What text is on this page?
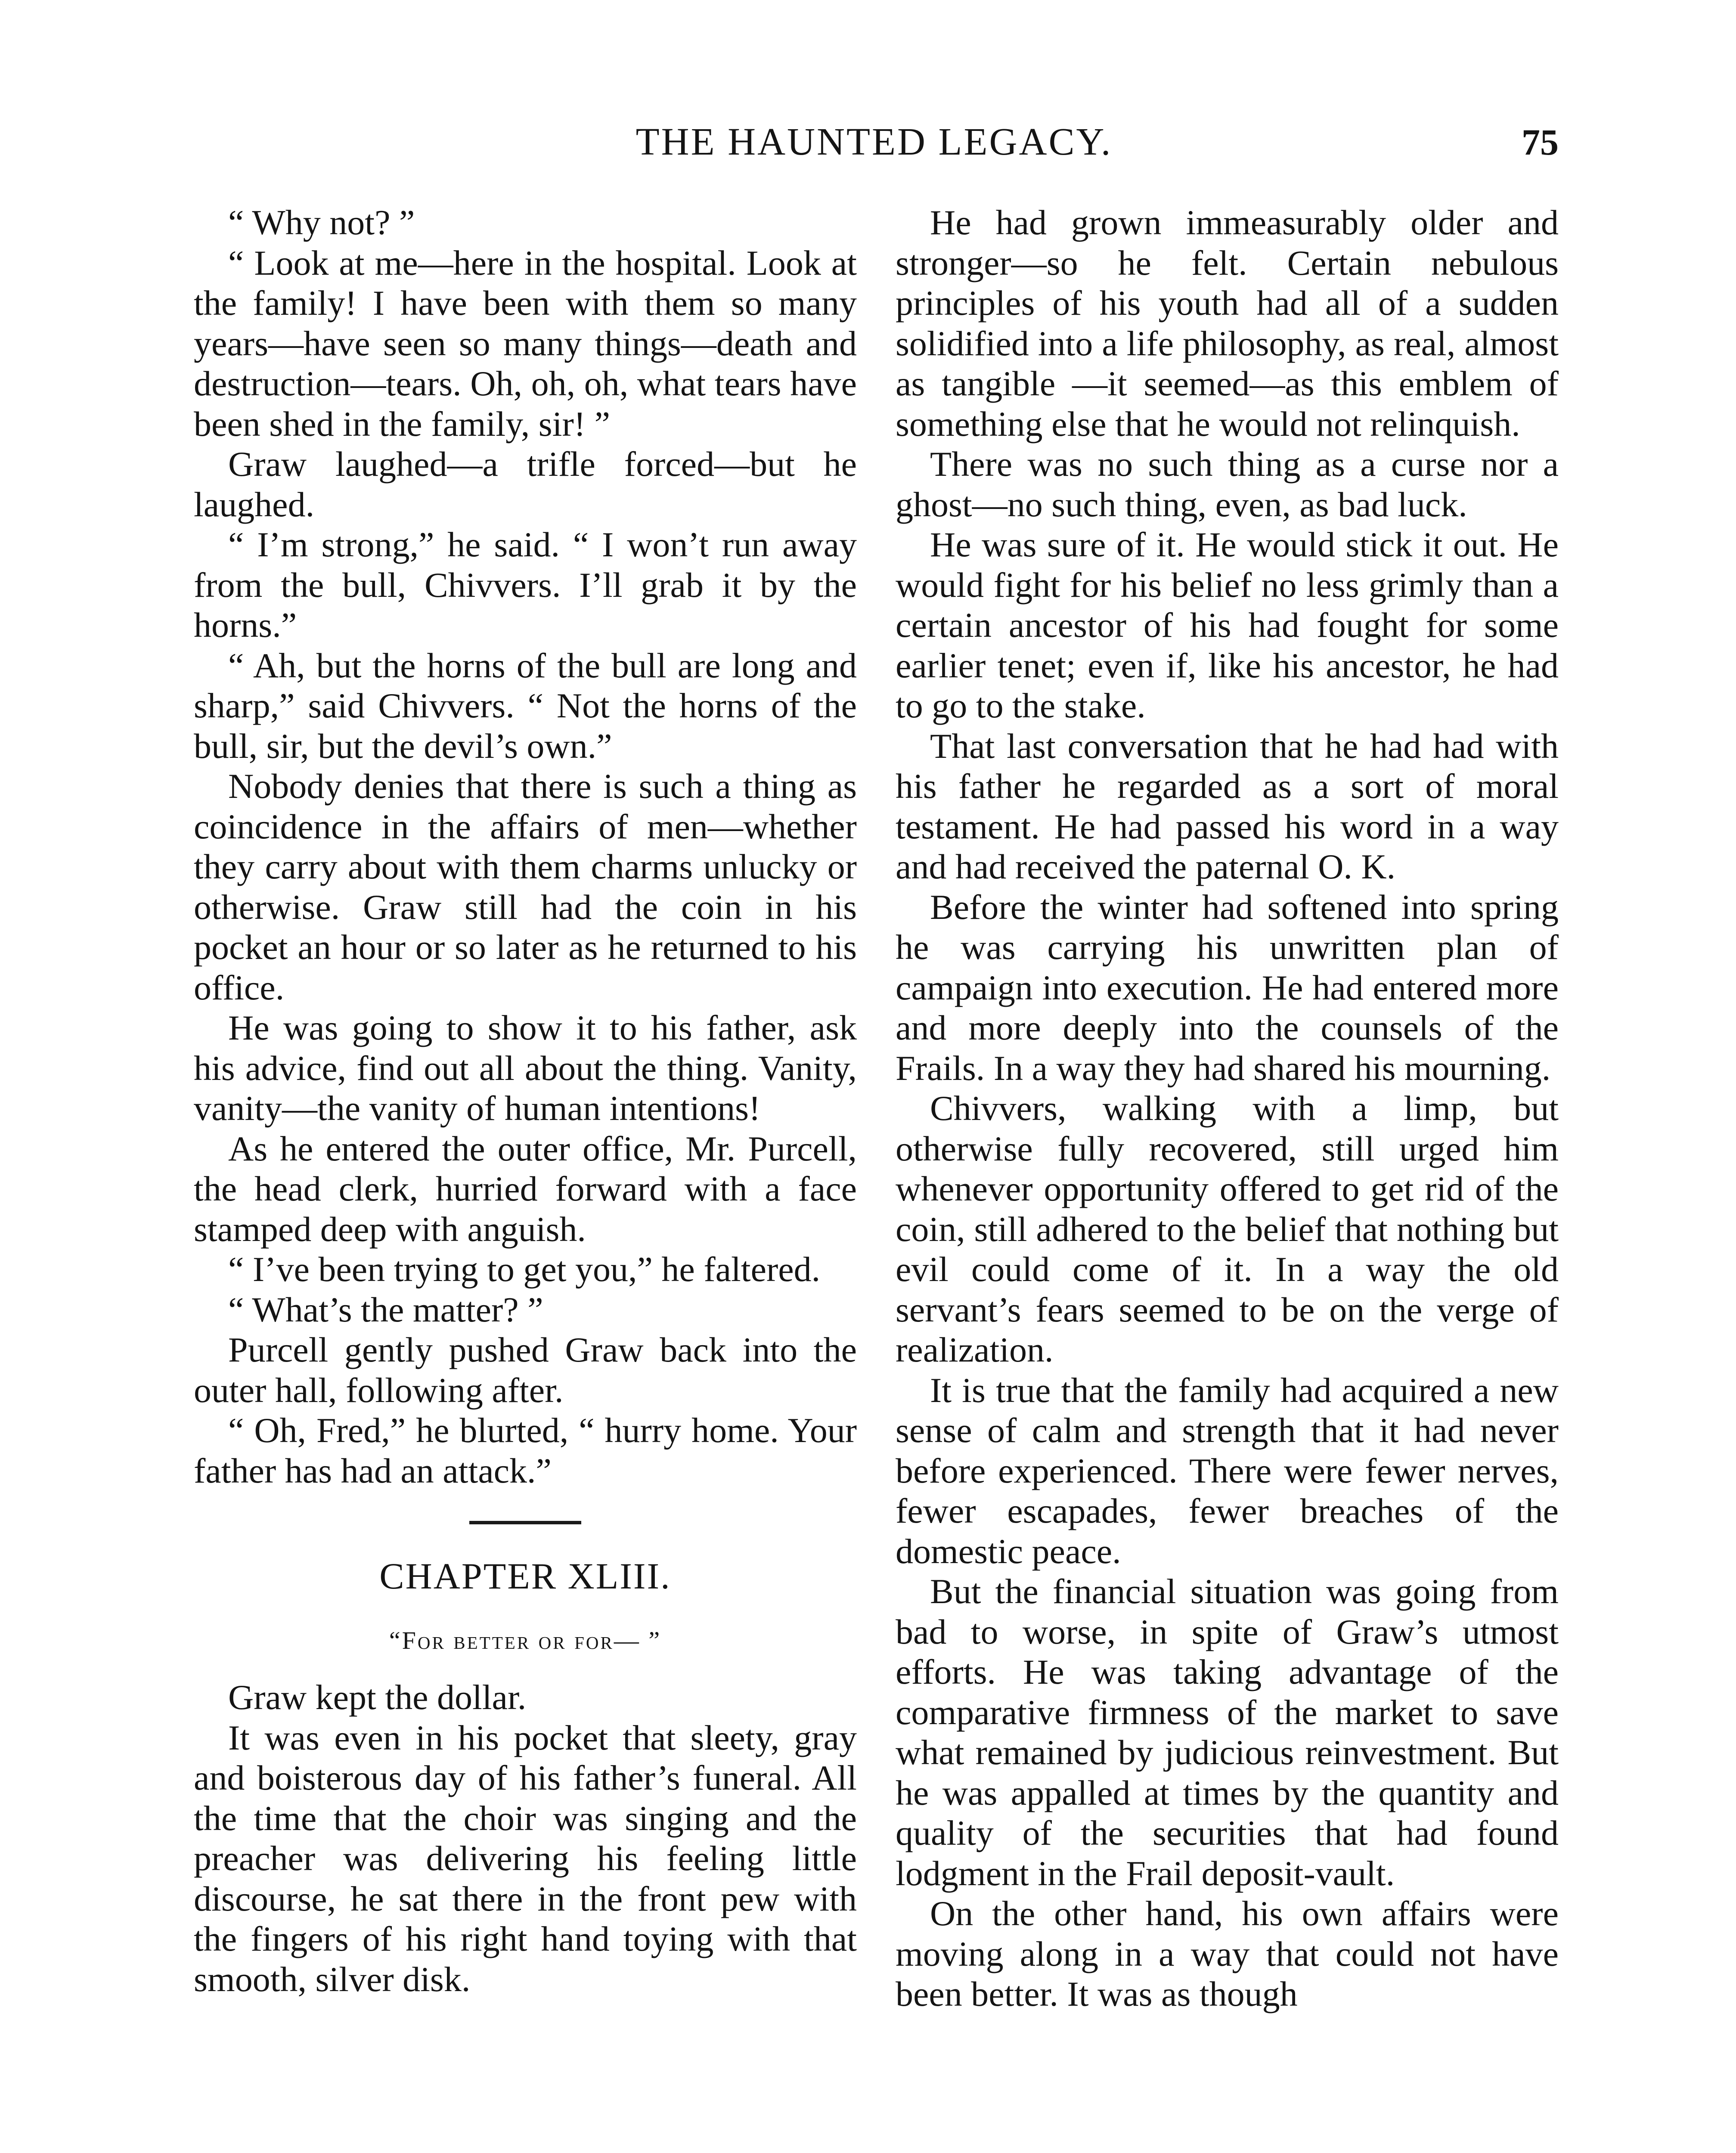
THE HAUNTED LEGACY.	75

“ Why not? ”

“ Look at me—here in the hospital. Look at the family! I have been with them so many years—have seen so many things—death and destruction—tears. Oh, oh, oh, what tears have been shed in the family, sir! ”

Graw laughed—a trifle forced—but he laughed.

“ I’m strong,” he said. “ I won’t run away from the bull, Chivvers. I’ll grab it by the horns.”

“ Ah, but the horns of the bull are long and sharp,” said Chivvers. “ Not the horns of the bull, sir, but the devil’s own.”

Nobody denies that there is such a thing as coincidence in the affairs of men—whether they carry about with them charms unlucky or otherwise. Graw still had the coin in his pocket an hour or so later as he returned to his office.

He was going to show it to his father, ask his advice, find out all about the thing. Vanity, vanity—the vanity of human intentions!

As he entered the outer office, Mr. Purcell, the head clerk, hurried forward with a face stamped deep with anguish.

“ I’ve been trying to get you,” he faltered.

“ What’s the matter? ”

Purcell gently pushed Graw back into the outer hall, following after.

“ Oh, Fred,” he blurted, “ hurry home. Your father has had an attack.”

CHAPTER XLIII.
“For better or for— ”

Graw kept the dollar.

It was even in his pocket that sleety, gray and boisterous day of his father’s funeral. All the time that the choir was singing and the preacher was delivering his feeling little discourse, he sat there in the front pew with the fingers of his right hand toying with that smooth, silver disk.

He had grown immeasurably older and stronger—so he felt. Certain nebulous principles of his youth had all of a sudden solidified into a life philosophy, as real, almost as tangible —it seemed—as this emblem of something else that he would not relinquish.

There was no such thing as a curse nor a ghost—no such thing, even, as bad luck.

He was sure of it. He would stick it out. He would fight for his belief no less grimly than a certain ancestor of his had fought for some earlier tenet; even if, like his ancestor, he had to go to the stake.

That last conversation that he had had with his father he regarded as a sort of moral testament. He had passed his word in a way and had received the paternal O. K.

Before the winter had softened into spring he was carrying his unwritten plan of campaign into execution. He had entered more and more deeply into the counsels of the Frails. In a way they had shared his mourning.

Chivvers, walking with a limp, but otherwise fully recovered, still urged him whenever opportunity offered to get rid of the coin, still adhered to the belief that nothing but evil could come of it. In a way the old servant’s fears seemed to be on the verge of realization.

It is true that the family had acquired a new sense of calm and strength that it had never before experienced. There were fewer nerves, fewer escapades, fewer breaches of the domestic peace.

But the financial situation was going from bad to worse, in spite of Graw’s utmost efforts. He was taking advantage of the comparative firmness of the market to save what remained by judicious reinvestment. But he was appalled at times by the quantity and quality of the securities that had found lodgment in the Frail deposit-vault.

On the other hand, his own affairs were moving along in a way that could not have been better. It was as though
